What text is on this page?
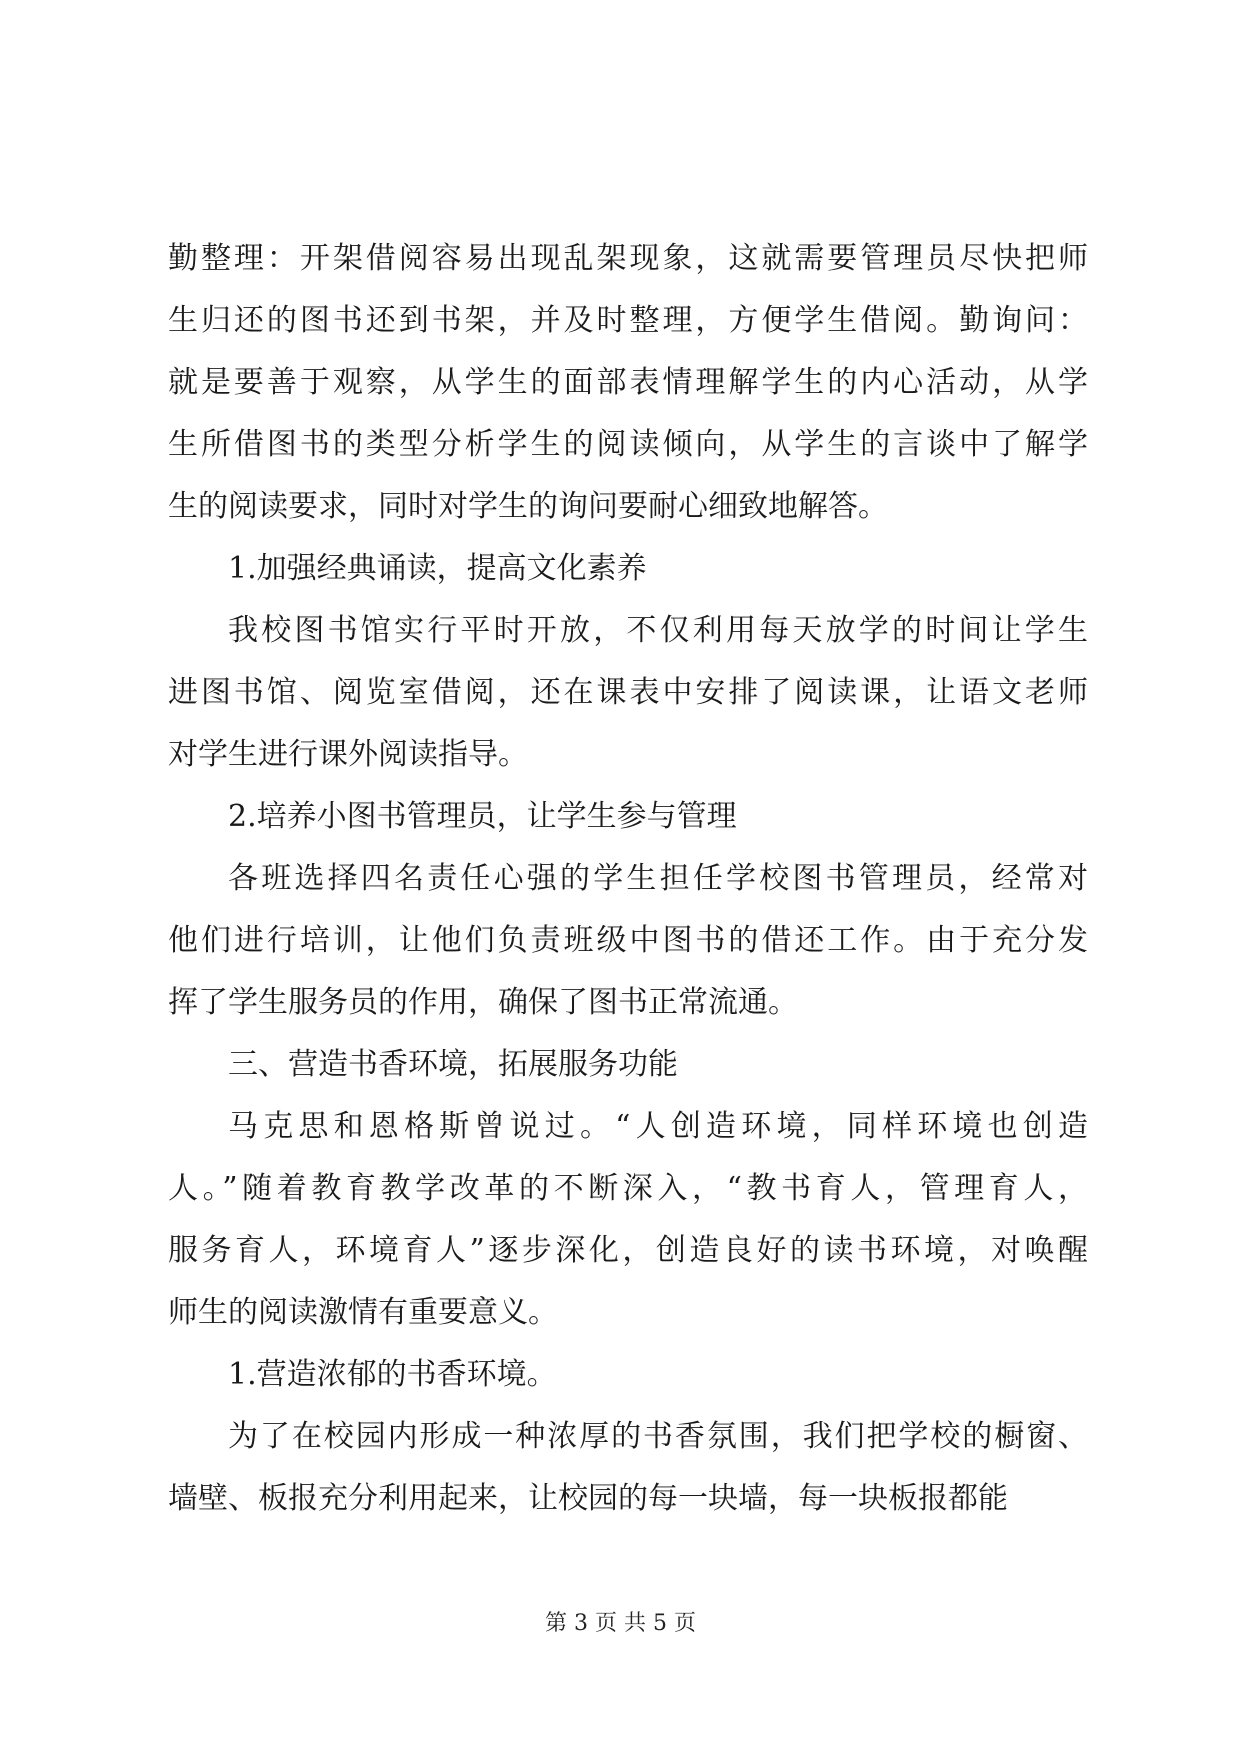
勤整理：开架借阅容易出现乱架现象，这就需要管理员尽快把师
生归还的图书还到书架，并及时整理，方便学生借阅。勤询问：
就是要善于观察，从学生的面部表情理解学生的内心活动，从学
生所借图书的类型分析学生的阅读倾向，从学生的言谈中了解学
生的阅读要求，同时对学生的询问要耐心细致地解答。
1.加强经典诵读，提高文化素养
我校图书馆实行平时开放，不仅利用每天放学的时间让学生
进图书馆、阅览室借阅，还在课表中安排了阅读课，让语文老师
对学生进行课外阅读指导。
2.培养小图书管理员，让学生参与管理
各班选择四名责任心强的学生担任学校图书管理员，经常对
他们进行培训，让他们负责班级中图书的借还工作。由于充分发
挥了学生服务员的作用，确保了图书正常流通。
三、营造书香环境，拓展服务功能
马克思和恩格斯曾说过。“人创造环境，同样环境也创造
人。”随着教育教学改革的不断深入，“教书育人，管理育人，
服务育人，环境育人”逐步深化，创造良好的读书环境，对唤醒
师生的阅读激情有重要意义。
1.营造浓郁的书香环境。
为了在校园内形成一种浓厚的书香氛围，我们把学校的橱窗、
墙壁、板报充分利用起来，让校园的每一块墙，每一块板报都能
第 3 页 共 5 页
